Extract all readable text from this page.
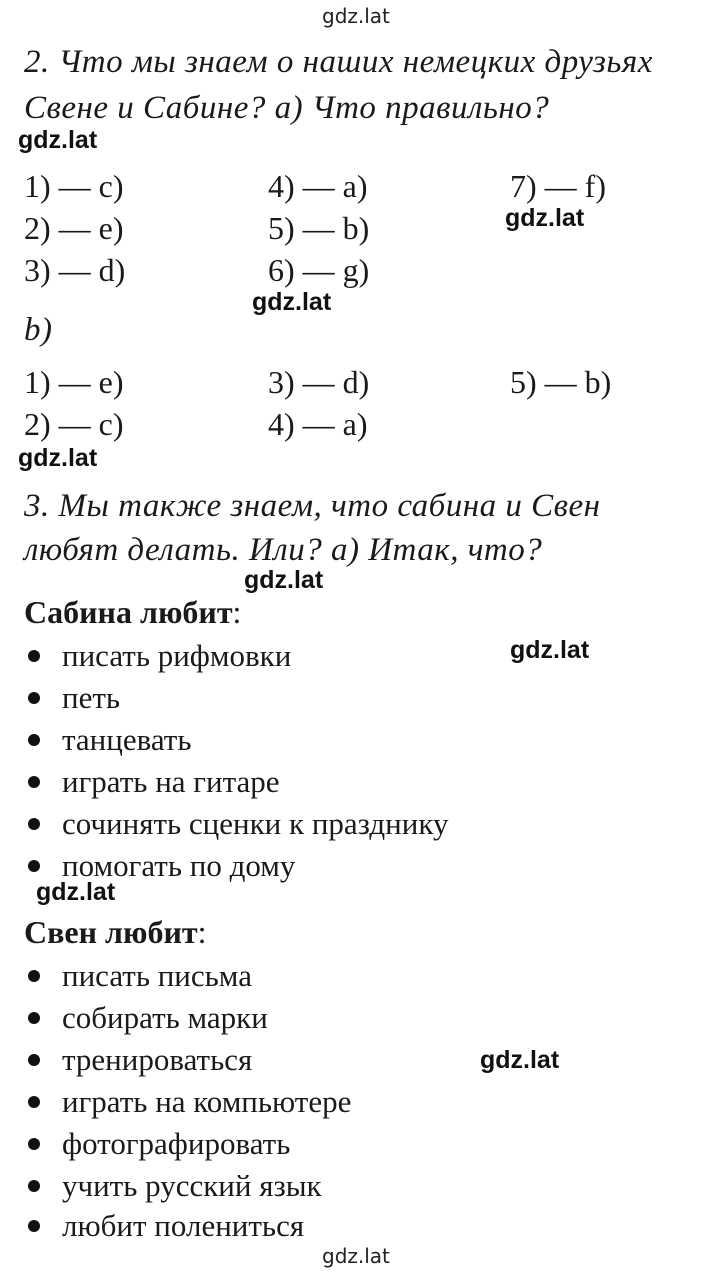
gdz.lat
2. Что мы знаем о наших немецких друзьях
Свене и Сабине? a) Что правильно?
gdz.lat
1) — c)
2) — e)
3) — d)
4) — a)
5) — b)
6) — g)
7) — f)
gdz.lat
gdz.lat
b)
1) — e)
2) — c)
3) — d)
4) — a)
5) — b)
gdz.lat
3. Мы также знаем, что сабина и Свен
любят делать. Или? a) Итак, что?
gdz.lat
Сабина любит:
gdz.lat
писать рифмовки
петь
танцевать
играть на гитаре
сочинять сценки к празднику
помогать по дому
gdz.lat
Свен любит:
писать письма
собирать марки
тренироваться	gdz.lat
играть на компьютере
фотографировать
учить русский язык
любит полениться
gdz.lat
